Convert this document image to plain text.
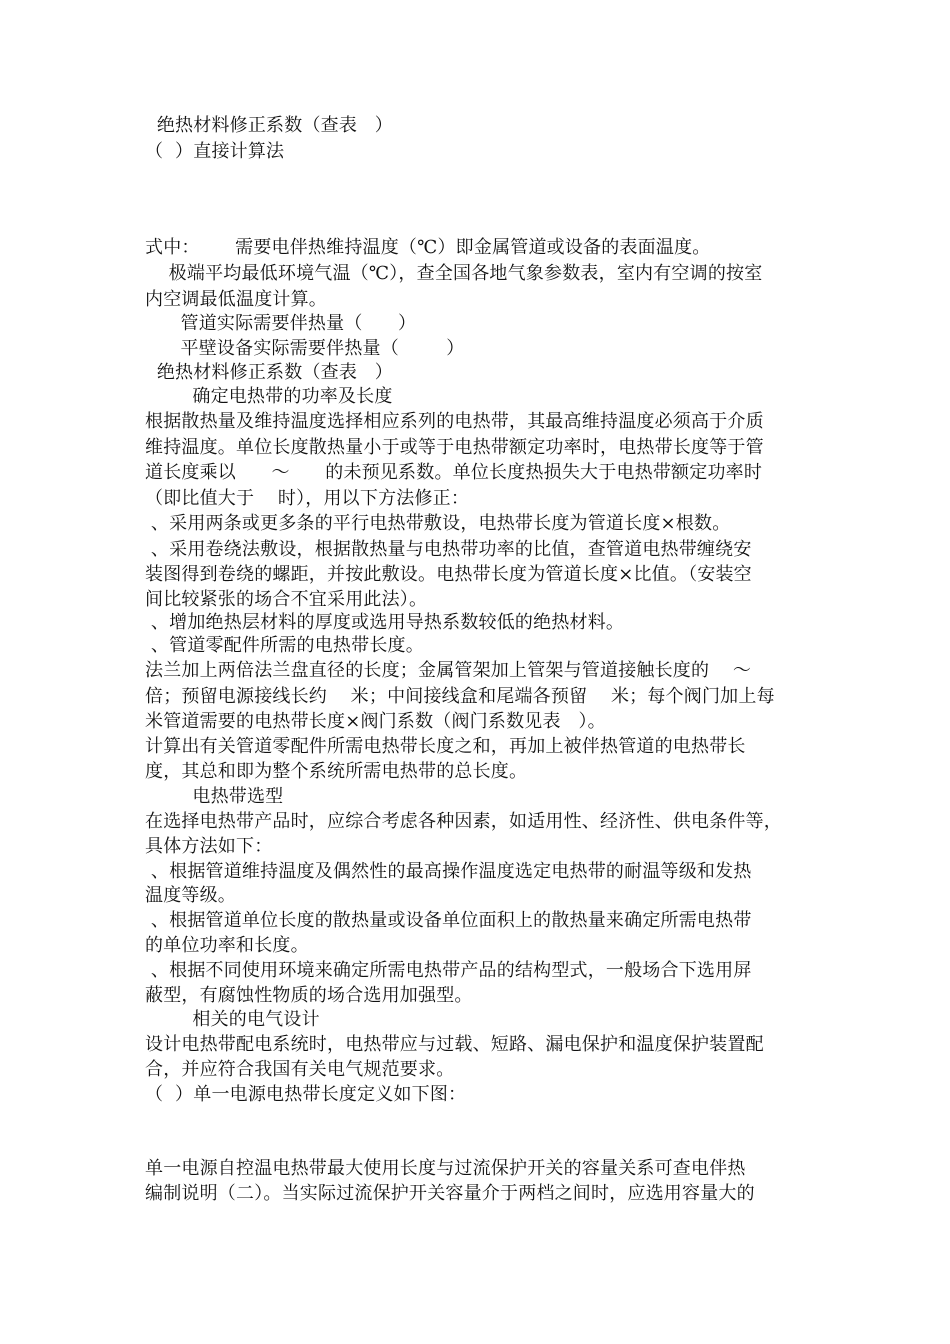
绝热材料修正系数（查表   ）
（  ）直接计算法
式中：      需要电伴热维持温度（℃）即金属管道或设备的表面温度。
极端平均最低环境气温（℃），查全国各地气象参数表，室内有空调的按室
内空调最低温度计算。
管道实际需要伴热量（      ）
平壁设备实际需要伴热量（        ）
绝热材料修正系数（查表   ）
确定电热带的功率及长度
根据散热量及维持温度选择相应系列的电热带，其最高维持温度必须高于介质
维持温度。单位长度散热量小于或等于电热带额定功率时，电热带长度等于管
道长度乘以      ～      的未预见系数。单位长度热损失大于电热带额定功率时
（即比值大于    时），用以下方法修正：
、采用两条或更多条的平行电热带敷设，电热带长度为管道长度×根数。
、采用卷绕法敷设，根据散热量与电热带功率的比值，查管道电热带缠绕安
装图得到卷绕的螺距，并按此敷设。电热带长度为管道长度×比值。（安装空
间比较紧张的场合不宜采用此法）。
、增加绝热层材料的厚度或选用导热系数较低的绝热材料。
、管道零配件所需的电热带长度。
法兰加上两倍法兰盘直径的长度；金属管架加上管架与管道接触长度的    ～
倍；预留电源接线长约    米；中间接线盒和尾端各预留    米；每个阀门加上每
米管道需要的电热带长度×阀门系数（阀门系数见表   ）。
计算出有关管道零配件所需电热带长度之和，再加上被伴热管道的电热带长
度，其总和即为整个系统所需电热带的总长度。
电热带选型
在选择电热带产品时，应综合考虑各种因素，如适用性、经济性、供电条件等，
具体方法如下：
、根据管道维持温度及偶然性的最高操作温度选定电热带的耐温等级和发热
温度等级。
、根据管道单位长度的散热量或设备单位面积上的散热量来确定所需电热带
的单位功率和长度。
、根据不同使用环境来确定所需电热带产品的结构型式，一般场合下选用屏
蔽型，有腐蚀性物质的场合选用加强型。
相关的电气设计
设计电热带配电系统时，电热带应与过载、短路、漏电保护和温度保护装置配
合，并应符合我国有关电气规范要求。
（  ）单一电源电热带长度定义如下图：
单一电源自控温电热带最大使用长度与过流保护开关的容量关系可查电伴热
编制说明（二）。当实际过流保护开关容量介于两档之间时，应选用容量大的
